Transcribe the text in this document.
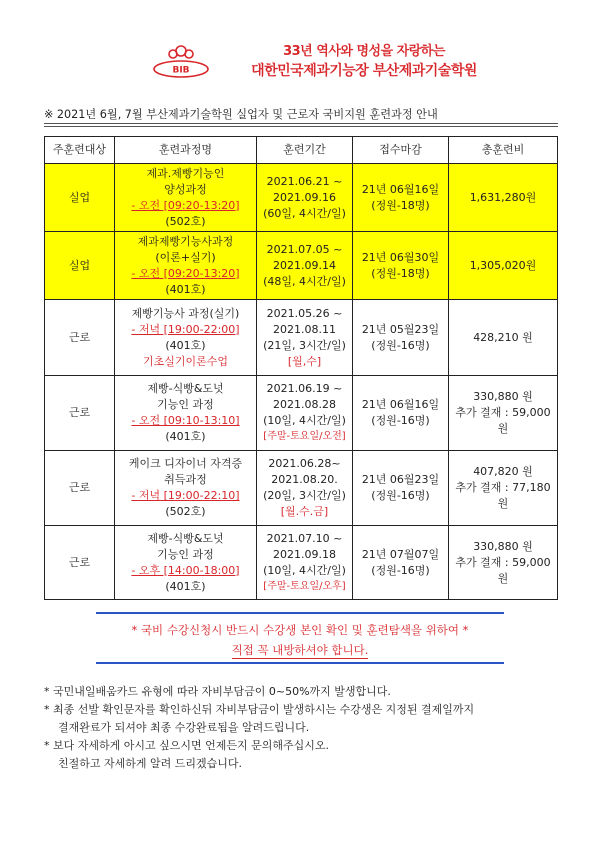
BIB
33년 역사와 명성을 자랑하는
대한민국제과기능장 부산제과기술학원
※ 2021년 6월, 7월 부산제과기술학원 실업자 및 근로자 국비지원 훈련과정 안내
주훈련대상	훈련과정명	훈련기간	접수마감	총훈련비
실업	제과.제빵기능인
양성과정
- 오전 [09:20-13:20]
(502호)	2021.06.21 ~
2021.09.16
(60일, 4시간/일)	21년 06월16일
(정원-18명)	1,631,280원

실업	제과제빵기능사과정
(이론+실기)
- 오전 [09:20-13:20]
(401호)	2021.07.05 ~
2021.09.14
(48일, 4시간/일)	21년 06월30일
(정원-18명)	1,305,020원

근로	제빵기능사 과정(실기)
- 저녁 [19:00-22:00]
(401호)
기초실기이론수업	2021.05.26 ~
2021.08.11
(21일, 3시간/일)
[월,수]	21년 05월23일
(정원-16명)	428,210 원

근로	제빵-식빵&도넛
기능인 과정
- 오전 [09:10-13:10]
(401호)	2021.06.19 ~
2021.08.28
(10일, 4시간/일)
[주말-토요일/오전]	21년 06월16일
(정원-16명)	330,880 원
추가 결재 : 59,000 원

근로	케이크 디자이너 자격증
취득과정
- 저녁 [19:00-22:10]
(502호)	2021.06.28~
2021.08.20.
(20일, 3시간/일)
[월.수.금]	21년 06월23일
(정원-16명)	407,820 원
추가 결재 : 77,180 원

근로	제빵-식빵&도넛
기능인 과정
- 오후 [14:00-18:00]
(401호)	2021.07.10 ~
2021.09.18
(10일, 4시간/일)
[주말-토요일/오후]	21년 07월07일
(정원-16명)	330,880 원
추가 결재 : 59,000 원
* 국비 수강신청시 반드시 수강생 본인 확인 및 훈련탐색을 위하여 *
직접 꼭 내방하셔야 합니다.
* 국민내일배움카드 유형에 따라 자비부담금이 0~50%까지 발생합니다.
* 최종 선발 확인문자를 확인하신뒤 자비부담금이 발생하시는 수강생은 지정된 결제일까지
결재완료가 되셔야 최종 수강완료됨을 알려드립니다.
* 보다 자세하게 아시고 싶으시면 언제든지 문의해주십시오.
친절하고 자세하게 알려 드리겠습니다.
